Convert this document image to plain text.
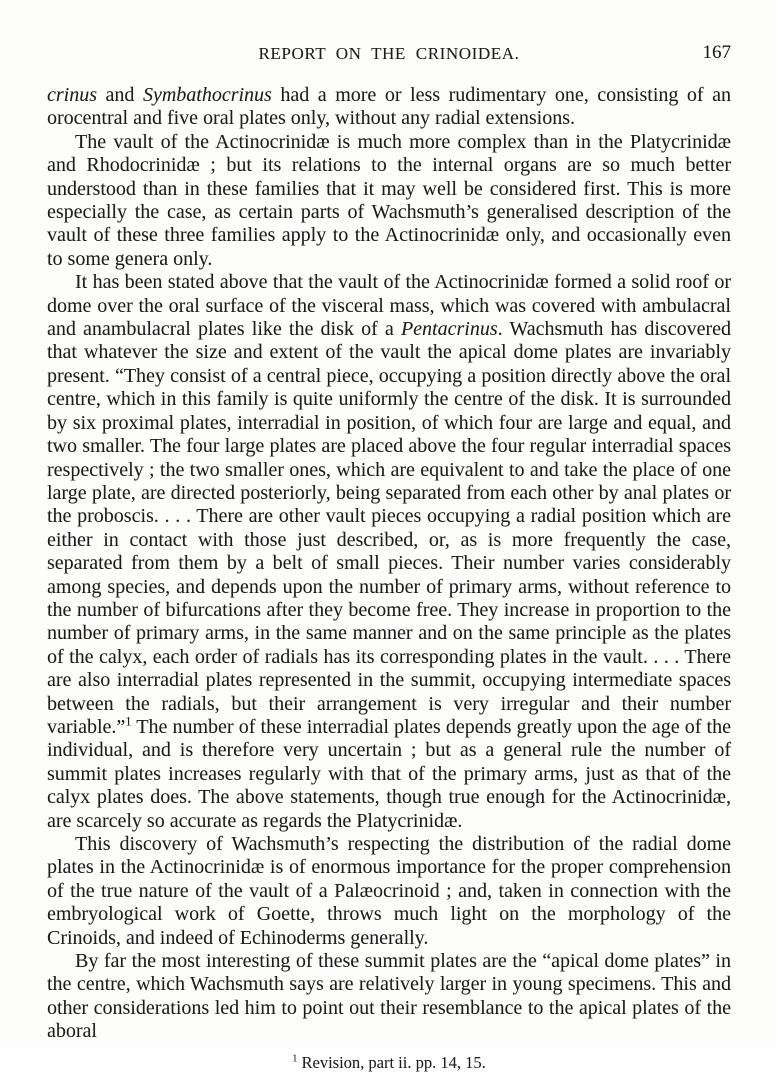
REPORT ON THE CRINOIDEA.	167

crinus and Symbathocrinus had a more or less rudimentary one, consisting of an orocentral and five oral plates only, without any radial extensions.

The vault of the Actinocrinidæ is much more complex than in the Platycrinidæ and Rhodocrinidæ ; but its relations to the internal organs are so much better understood than in these families that it may well be considered first. This is more especially the case, as certain parts of Wachsmuth’s generalised description of the vault of these three families apply to the Actinocrinidæ only, and occasionally even to some genera only.

It has been stated above that the vault of the Actinocrinidæ formed a solid roof or dome over the oral surface of the visceral mass, which was covered with ambulacral and anambulacral plates like the disk of a Pentacrinus. Wachsmuth has discovered that whatever the size and extent of the vault the apical dome plates are invariably present. “They consist of a central piece, occupying a position directly above the oral centre, which in this family is quite uniformly the centre of the disk. It is surrounded by six proximal plates, interradial in position, of which four are large and equal, and two smaller. The four large plates are placed above the four regular interradial spaces respectively ; the two smaller ones, which are equivalent to and take the place of one large plate, are directed posteriorly, being separated from each other by anal plates or the proboscis. . . . There are other vault pieces occupying a radial position which are either in contact with those just described, or, as is more frequently the case, separated from them by a belt of small pieces. Their number varies considerably among species, and depends upon the number of primary arms, without reference to the number of bifurcations after they become free. They increase in proportion to the number of primary arms, in the same manner and on the same principle as the plates of the calyx, each order of radials has its corresponding plates in the vault. . . . There are also interradial plates represented in the summit, occupying intermediate spaces between the radials, but their arrangement is very irregular and their number variable.”$^1$ The number of these interradial plates depends greatly upon the age of the individual, and is therefore very uncertain ; but as a general rule the number of summit plates increases regularly with that of the primary arms, just as that of the calyx plates does. The above statements, though true enough for the Actinocrinidæ, are scarcely so accurate as regards the Platycrinidæ.

This discovery of Wachsmuth’s respecting the distribution of the radial dome plates in the Actinocrinidæ is of enormous importance for the proper comprehension of the true nature of the vault of a Palæocrinoid ; and, taken in connection with the embryological work of Goette, throws much light on the morphology of the Crinoids, and indeed of Echinoderms generally.

By far the most interesting of these summit plates are the “apical dome plates” in the centre, which Wachsmuth says are relatively larger in young specimens. This and other considerations led him to point out their resemblance to the apical plates of the aboral

$^1$ Revision, part ii. pp. 14, 15.
